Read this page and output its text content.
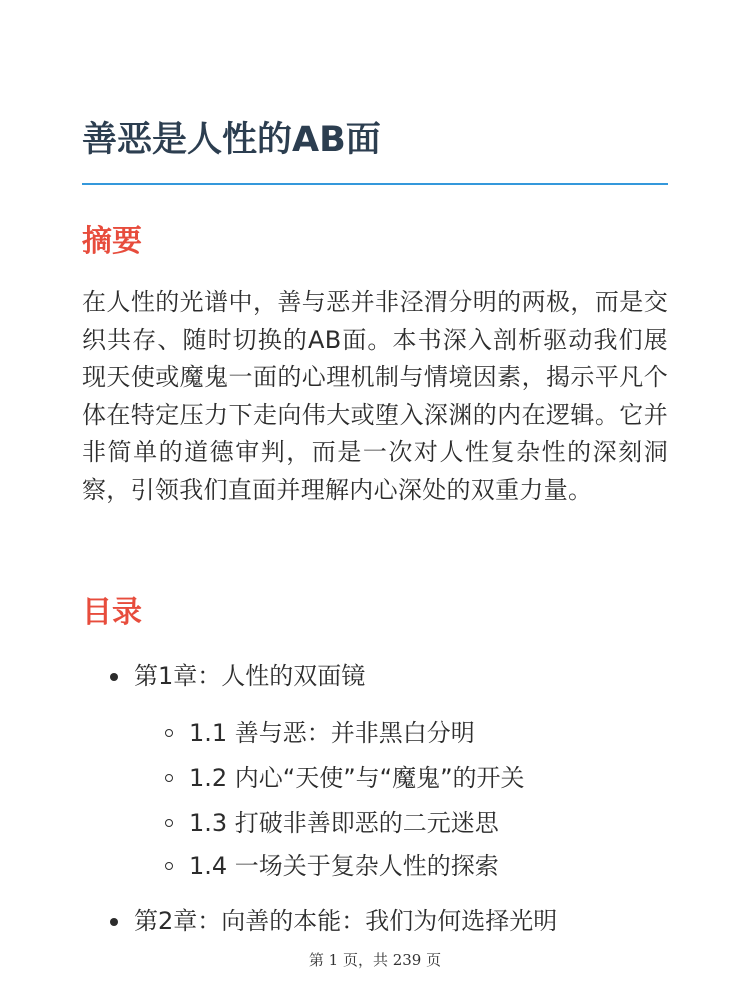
善恶是人性的AB面
摘要

在人性的光谱中，善与恶并非泾渭分明的两极，而是交织共存、随时切换的AB面。本书深入剖析驱动我们展现天使或魔鬼一面的心理机制与情境因素，揭示平凡个体在特定压力下走向伟大或堕入深渊的内在逻辑。它并非简单的道德审判，而是一次对人性复杂性的深刻洞察，引领我们直面并理解内心深处的双重力量。

目录
第1章：人性的双面镜
1.1 善与恶：并非黑白分明
1.2 内心“天使”与“魔鬼”的开关
1.3 打破非善即恶的二元迷思
1.4 一场关于复杂人性的探索
第2章：向善的本能：我们为何选择光明
第 1 页，共 239 页
